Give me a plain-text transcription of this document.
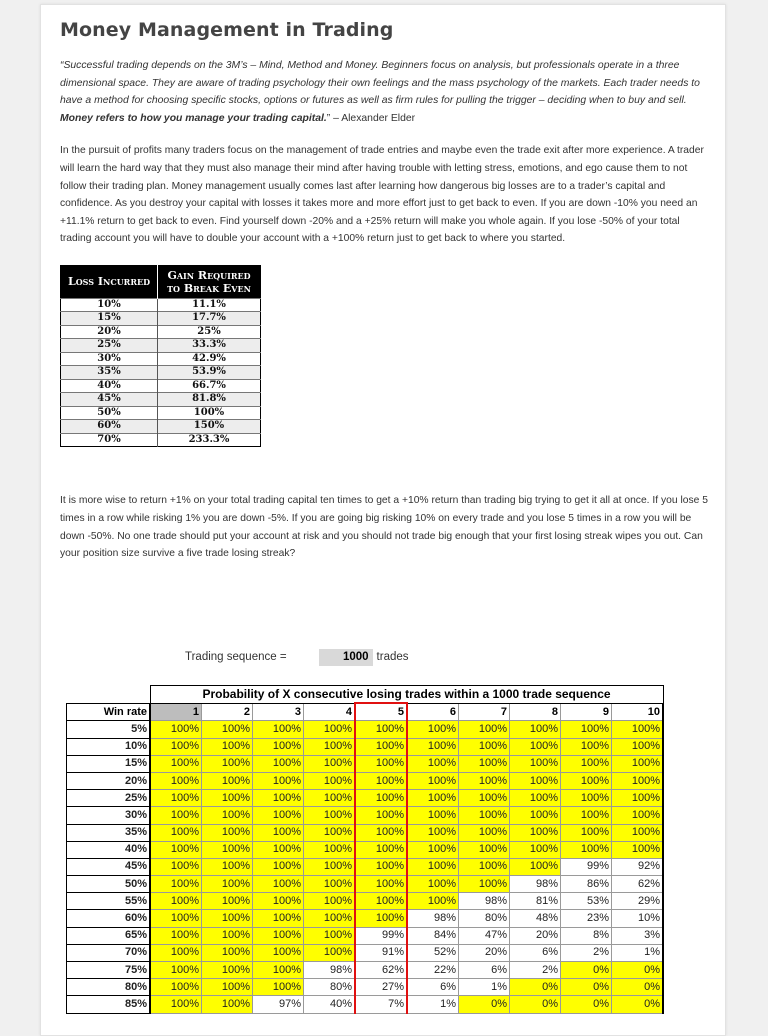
Money Management in Trading

“Successful trading depends on the 3M’s – Mind, Method and Money. Beginners focus on analysis, but professionals operate in a three dimensional space. They are aware of trading psychology their own feelings and the mass psychology of the markets. Each trader needs to have a method for choosing specific stocks, options or futures as well as firm rules for pulling the trigger – deciding when to buy and sell. Money refers to how you manage your trading capital.” – Alexander Elder

In the pursuit of profits many traders focus on the management of trade entries and maybe even the trade exit after more experience. A trader will learn the hard way that they must also manage their mind after having trouble with letting stress, emotions, and ego cause them to not follow their trading plan. Money management usually comes last after learning how dangerous big losses are to a trader’s capital and confidence. As you destroy your capital with losses it takes more and more effort just to get back to even. If you are down -10% you need an +11.1% return to get back to even. Find yourself down -20% and a +25% return will make you whole again. If you lose -50% of your total trading account you will have to double your account with a +100% return just to get back to where you started.

Loss Incurred	Gain Required to Break Even
10%	11.1%
15%	17.7%
20%	25%
25%	33.3%
30%	42.9%
35%	53.9%
40%	66.7%
45%	81.8%
50%	100%
60%	150%
70%	233.3%

It is more wise to return +1% on your total trading capital ten times to get a +10% return than trading big trying to get it all at once. If you lose 5 times in a row while risking 1% you are down -5%. If you are going big risking 10% on every trade and you lose 5 times in a row you will be down -50%. No one trade should put your account at risk and you should not trade big enough that your first losing streak wipes you out. Can your position size survive a five trade losing streak?

Trading sequence =	1000 trades
	Probability of X consecutive losing trades within a 1000 trade sequence									
Win rate	1	2	3	4	5	6	7	8	9	10
5%	100%	100%	100%	100%	100%	100%	100%	100%	100%	100%
10%	100%	100%	100%	100%	100%	100%	100%	100%	100%	100%
15%	100%	100%	100%	100%	100%	100%	100%	100%	100%	100%
20%	100%	100%	100%	100%	100%	100%	100%	100%	100%	100%
25%	100%	100%	100%	100%	100%	100%	100%	100%	100%	100%
30%	100%	100%	100%	100%	100%	100%	100%	100%	100%	100%
35%	100%	100%	100%	100%	100%	100%	100%	100%	100%	100%
40%	100%	100%	100%	100%	100%	100%	100%	100%	100%	100%
45%	100%	100%	100%	100%	100%	100%	100%	100%	99%	92%
50%	100%	100%	100%	100%	100%	100%	100%	98%	86%	62%
55%	100%	100%	100%	100%	100%	100%	98%	81%	53%	29%
60%	100%	100%	100%	100%	100%	98%	80%	48%	23%	10%
65%	100%	100%	100%	100%	99%	84%	47%	20%	8%	3%
70%	100%	100%	100%	100%	91%	52%	20%	6%	2%	1%
75%	100%	100%	100%	98%	62%	22%	6%	2%	0%	0%
80%	100%	100%	100%	80%	27%	6%	1%	0%	0%	0%
85%	100%	100%	97%	40%	7%	1%	0%	0%	0%	0%
